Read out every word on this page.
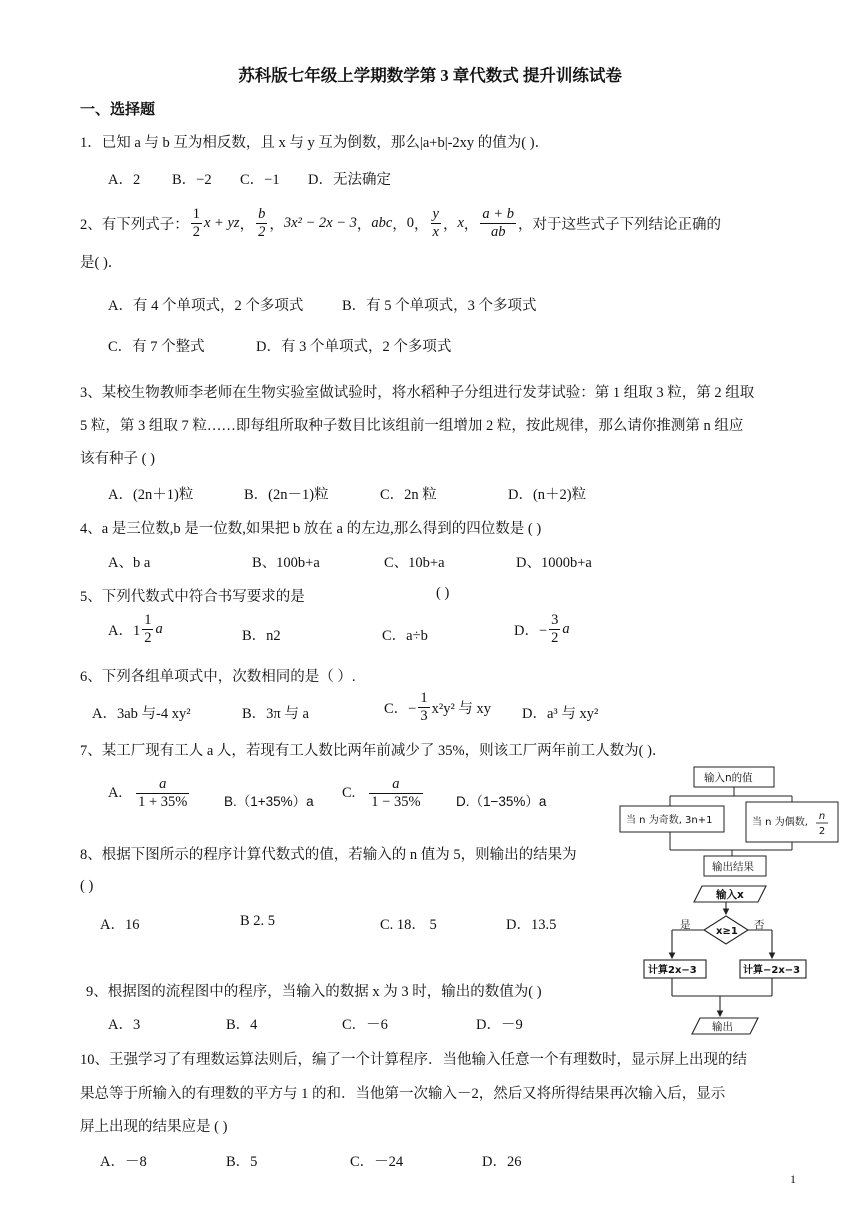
苏科版七年级上学期数学第 3 章代数式 提升训练试卷
一、选择题
1．已知 a 与 b 互为相反数，且 x 与 y 互为倒数，那么|a+b|-2xy 的值为( )．
A．2 B．−2 C．−1 D．无法确定
2、有下列式子： $\frac{1}{2}$ x + yz ， $\frac{b}{2}$ ， 3x² − 2x − 3 ， abc ， 0 ， $\frac{y}{x}$ ， x ， $\frac{a + b}{ab}$ ，对于这些式子下列结论正确的
是( )．
A．有 4 个单项式，2 个多项式	B．有 5 个单项式，3 个多项式
C．有 7 个整式	D．有 3 个单项式，2 个多项式
3、某校生物教师李老师在生物实验室做试验时，将水稻种子分组进行发芽试验：第 1 组取 3 粒，第 2 组取
5 粒，第 3 组取 7 粒……即每组所取种子数目比该组前一组增加 2 粒，按此规律，那么请你推测第 n 组应
该有种子 ( )
A．(2n＋1)粒	B．(2n－1)粒	C．2n 粒	D．(n＋2)粒
4、a 是三位数,b 是一位数,如果把 b 放在 a 的左边,那么得到的四位数是 ( )
A、b a	B、100b+a	C、10b+a	D、1000b+a
5、下列代数式中符合书写要求的是	( )
A．$1 \frac{1}{2}$ a	B．n2	C．a÷b	D．− $\frac{3}{2}$ a
6、下列各组单项式中，次数相同的是（ ）.
A．3ab 与-4 xy²	B．3π 与 a	C．− $\frac{1}{3} x^2y^2$ 与 xy D．a³ 与 xy²
7、某工厂现有工人 a 人，若现有工人数比两年前减少了 35%，则该工厂两年前工人数为( )．
A. $\frac{a}{1 + 35\%}$	B.（1+35%）a
C. $\frac{a}{1 - 35\%} D.(1-35\%)a$
8、根据下图所示的程序计算代数式的值，若输入的 n 值为 5，则输出的结果为
( )
A．16	B 2. 5	C. 18． 5	D．13.5
输入n的值
当 n 为奇数, 3n+1	当 n 为偶数,
n
2
输出结果
输入x
x≥1
是	否
计算2x−3	计算−2x−3
输出
9、根据图的流程图中的程序，当输入的数据 x 为 3 时，输出的数值为( )
A．3	B．4	C．－6	D．－9
10、王强学习了有理数运算法则后，编了一个计算程序．当他输入任意一个有理数时，显示屏上出现的结
果总等于所输入的有理数的平方与 1 的和．当他第一次输入－2，然后又将所得结果再次输入后，显示
屏上出现的结果应是 ( )
A．－8	B．5	C．－24	D．26
1
